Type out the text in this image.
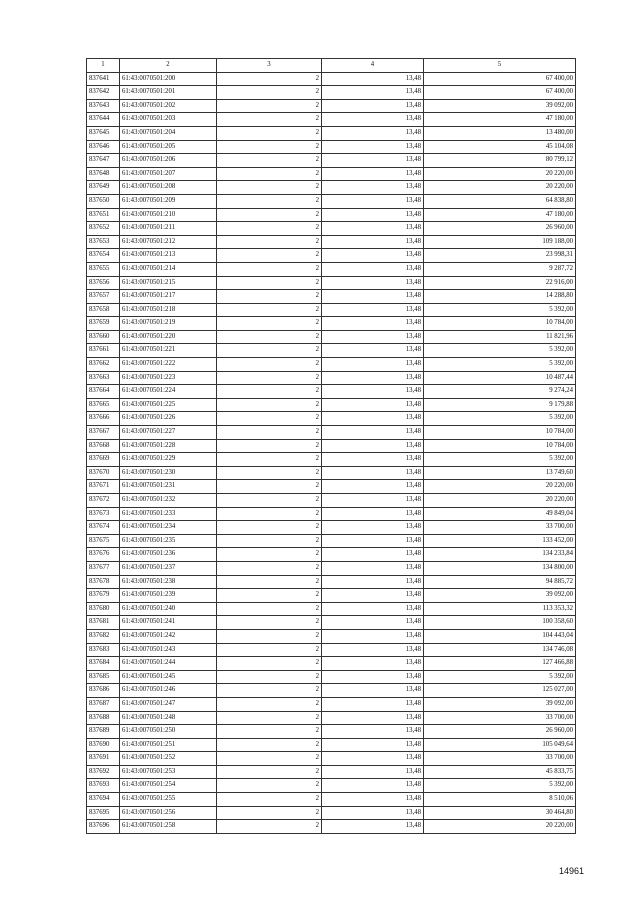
1	2	3	4	5
837641	61:43:0070501:200	2	13,48	67 400,00
837642	61:43:0070501:201	2	13,48	67 400,00
837643	61:43:0070501:202	2	13,48	39 092,00
837644	61:43:0070501:203	2	13,48	47 180,00
837645	61:43:0070501:204	2	13,48	13 480,00
837646	61:43:0070501:205	2	13,48	45 104,08
837647	61:43:0070501:206	2	13,48	80 799,12
837648	61:43:0070501:207	2	13,48	20 220,00
837649	61:43:0070501:208	2	13,48	20 220,00
837650	61:43:0070501:209	2	13,48	64 838,80
837651	61:43:0070501:210	2	13,48	47 180,00
837652	61:43:0070501:211	2	13,48	26 960,00
837653	61:43:0070501:212	2	13,48	109 188,00
837654	61:43:0070501:213	2	13,48	23 998,31
837655	61:43:0070501:214	2	13,48	9 287,72
837656	61:43:0070501:215	2	13,48	22 916,00
837657	61:43:0070501:217	2	13,48	14 288,80
837658	61:43:0070501:218	2	13,48	5 392,00
837659	61:43:0070501:219	2	13,48	10 784,00
837660	61:43:0070501:220	2	13,48	11 821,96
837661	61:43:0070501:221	2	13,48	5 392,00
837662	61:43:0070501:222	2	13,48	5 392,00
837663	61:43:0070501:223	2	13,48	10 487,44
837664	61:43:0070501:224	2	13,48	9 274,24
837665	61:43:0070501:225	2	13,48	9 179,88
837666	61:43:0070501:226	2	13,48	5 392,00
837667	61:43:0070501:227	2	13,48	10 784,00
837668	61:43:0070501:228	2	13,48	10 784,00
837669	61:43:0070501:229	2	13,48	5 392,00
837670	61:43:0070501:230	2	13,48	13 749,60
837671	61:43:0070501:231	2	13,48	20 220,00
837672	61:43:0070501:232	2	13,48	20 220,00
837673	61:43:0070501:233	2	13,48	49 849,04
837674	61:43:0070501:234	2	13,48	33 700,00
837675	61:43:0070501:235	2	13,48	133 452,00
837676	61:43:0070501:236	2	13,48	134 233,84
837677	61:43:0070501:237	2	13,48	134 800,00
837678	61:43:0070501:238	2	13,48	94 885,72
837679	61:43:0070501:239	2	13,48	39 092,00
837680	61:43:0070501:240	2	13,48	113 353,32
837681	61:43:0070501:241	2	13,48	100 358,60
837682	61:43:0070501:242	2	13,48	104 443,04
837683	61:43:0070501:243	2	13,48	134 746,08
837684	61:43:0070501:244	2	13,48	127 466,88
837685	61:43:0070501:245	2	13,48	5 392,00
837686	61:43:0070501:246	2	13,48	125 027,00
837687	61:43:0070501:247	2	13,48	39 092,00
837688	61:43:0070501:248	2	13,48	33 700,00
837689	61:43:0070501:250	2	13,48	26 960,00
837690	61:43:0070501:251	2	13,48	105 049,64
837691	61:43:0070501:252	2	13,48	33 700,00
837692	61:43:0070501:253	2	13,48	45 833,75
837693	61:43:0070501:254	2	13,48	5 392,00
837694	61:43:0070501:255	2	13,48	8 510,06
837695	61:43:0070501:256	2	13,48	30 464,80
837696	61:43:0070501:258	2	13,48	20 220,00
14961
